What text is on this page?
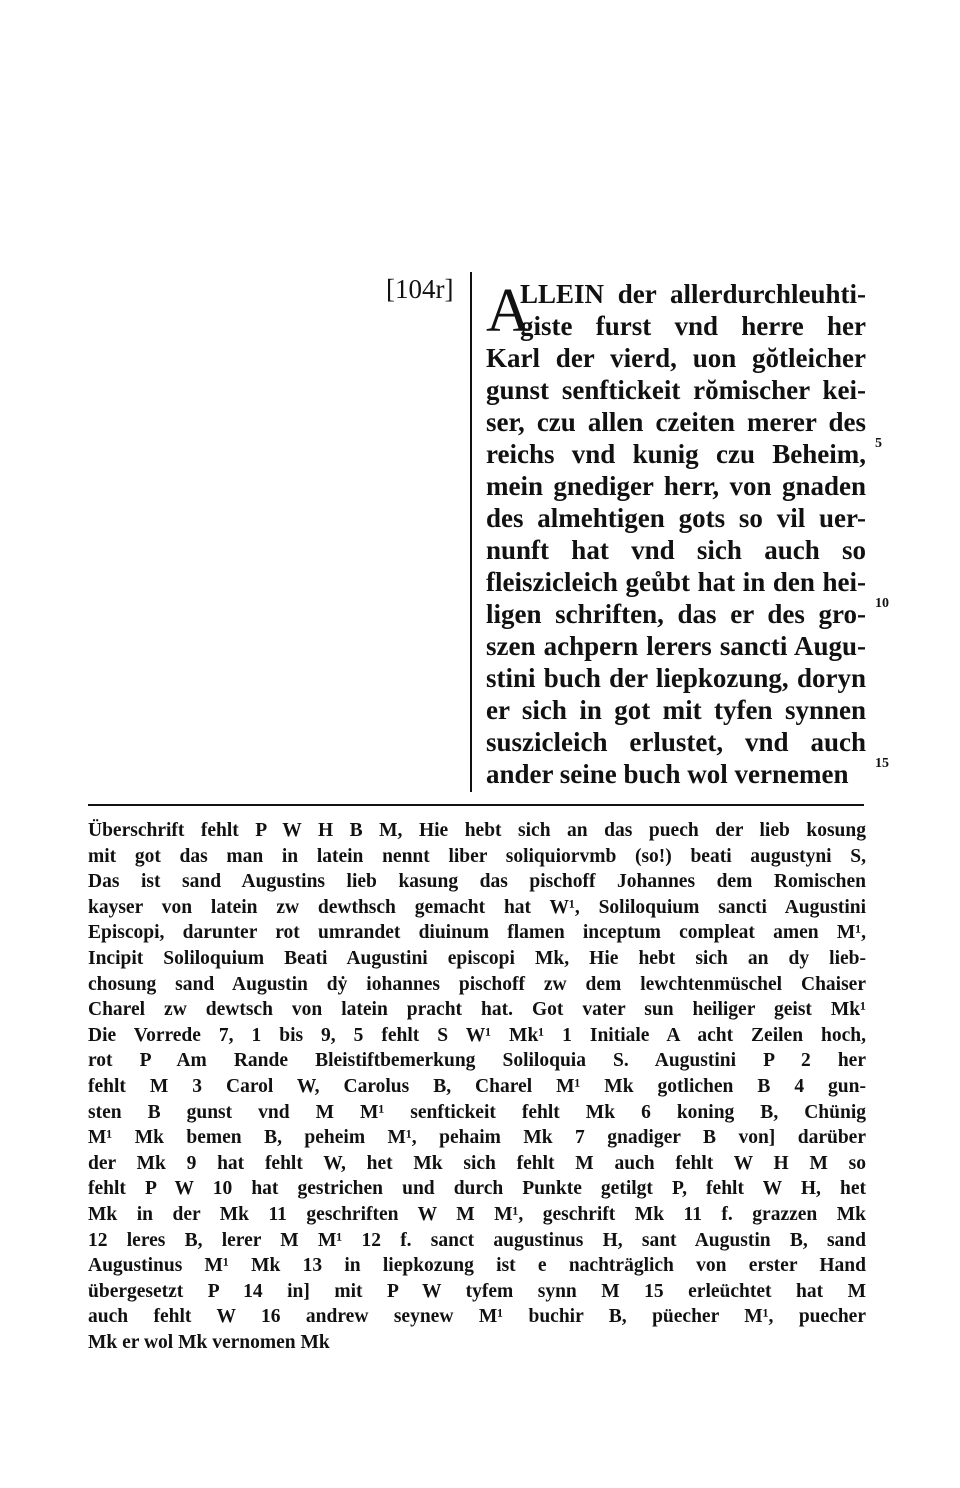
[104r] A
LLEIN der allerdurchleuhti-
giste furst vnd herre her
Karl der vierd, uon gŏtleicher
gunst senftickeit rŏmischer kei-
ser, czu allen czeiten merer des
reichs vnd kunig czu Beheim,
mein gnediger herr, von gnaden
des almehtigen gots so vil uer-
nunft hat vnd sich auch so
fleiszicleich geůbt hat in den hei-
ligen schriften, das er des gro-
szen achpern lerers sancti Augu-
stini buch der liepkozung, doryn
er sich in got mit tyfen synnen
suszicleich erlustet, vnd auch
ander seine buch wol vernemen
5
10
15
Überschrift fehlt P W H B M, Hie hebt sich an das puech der lieb kosung
mit got das man in latein nennt liber soliquiorvmb (so!) beati augustyni S,
Das ist sand Augustins lieb kasung das pischoff Johannes dem Romischen
kayser von latein zw dewthsch gemacht hat W¹, Soliloquium sancti Augustini
Episcopi, darunter rot umrandet diuinum flamen inceptum compleat amen M¹,
Incipit Soliloquium Beati Augustini episcopi Mk, Hie hebt sich an dy lieb-
chosung sand Augustin dẏ iohannes pischoff zw dem lewchtenmüschel Chaiser
Charel zw dewtsch von latein pracht hat. Got vater sun heiliger geist Mk¹
Die Vorrede 7, 1 bis 9, 5 fehlt S W¹ Mk¹ 1 Initiale A acht Zeilen hoch,
rot P Am Rande Bleistiftbemerkung Soliloquia S. Augustini P 2 her
fehlt M 3 Carol W, Carolus B, Charel M¹ Mk gotlichen B 4 gun-
sten B gunst vnd M M¹ senftickeit fehlt Mk 6 koning B, Chünig
M¹ Mk bemen B, peheim M¹, pehaim Mk 7 gnadiger B von] darüber
der Mk 9 hat fehlt W, het Mk sich fehlt M auch fehlt W H M so
fehlt P W 10 hat gestrichen und durch Punkte getilgt P, fehlt W H, het
Mk in der Mk 11 geschriften W M M¹, geschrift Mk 11 f. grazzen Mk
12 leres B, lerer M M¹ 12 f. sanct augustinus H, sant Augustin B, sand
Augustinus M¹ Mk 13 in liepkozung ist e nachträglich von erster Hand
übergesetzt P 14 in] mit P W tyfem synn M 15 erleüchtet hat M
auch fehlt W 16 andrew seynew M¹ buchir B, püecher M¹, puecher
Mk er wol Mk vernomen Mk
